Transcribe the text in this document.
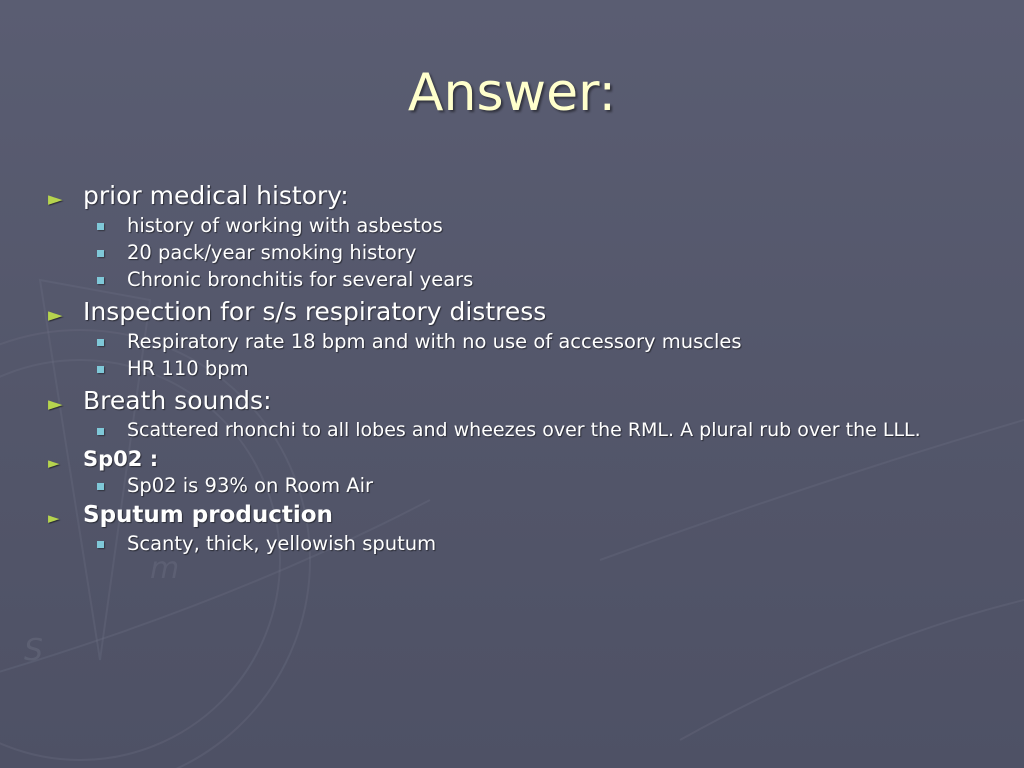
S
m
Answer:
► prior medical history:
history of working with asbestos
20 pack/year smoking history
Chronic bronchitis for several years
► Inspection for s/s respiratory distress
Respiratory rate 18 bpm and with no use of accessory muscles
HR 110 bpm
► Breath sounds:
Scattered rhonchi to all lobes and wheezes over the RML. A plural rub over the LLL.
► Sp02 :
Sp02 is 93% on Room Air
► Sputum production
Scanty, thick, yellowish sputum
